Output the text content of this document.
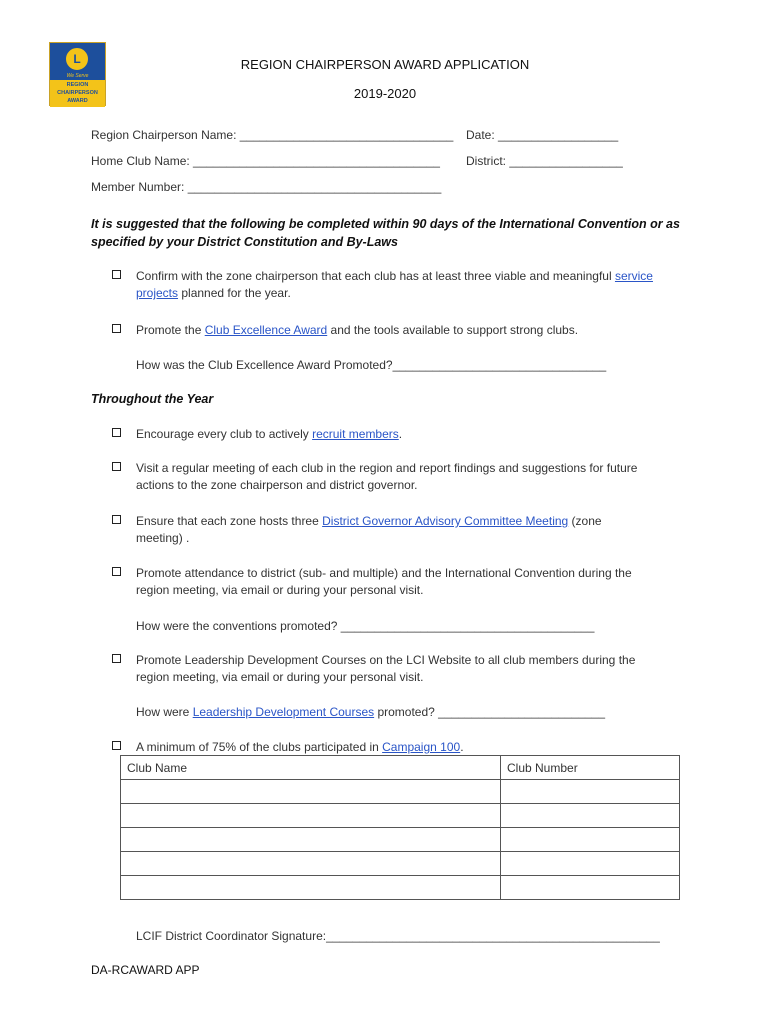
L
We Serve
REGION
CHAIRPERSON
AWARD
REGION CHAIRPERSON AWARD APPLICATION
2019-2020
Region Chairperson Name: ________________________________ Date: __________________
Home Club Name: _____________________________________ District: _________________
Member Number: ______________________________________
It is suggested that the following be completed within 90 days of the International Convention or as
specified by your District Constitution and By-Laws
Confirm with the zone chairperson that each club has at least three viable and meaningful service
projects planned for the year.
Promote the Club Excellence Award and the tools available to support strong clubs.
How was the Club Excellence Award Promoted?________________________________
Throughout the Year
Encourage every club to actively recruit members.
Visit a regular meeting of each club in the region and report findings and suggestions for future
actions to the zone chairperson and district governor.
Ensure that each zone hosts three District Governor Advisory Committee Meeting (zone
meeting) .
Promote attendance to district (sub- and multiple) and the International Convention during the
region meeting, via email or during your personal visit.
How were the conventions promoted? ______________________________________
Promote Leadership Development Courses on the LCI Website to all club members during the
region meeting, via email or during your personal visit.
How were Leadership Development Courses promoted? _________________________
A minimum of 75% of the clubs participated in Campaign 100.
Club Name	Club Number

LCIF District Coordinator Signature:__________________________________________________
DA-RCAWARD APP
